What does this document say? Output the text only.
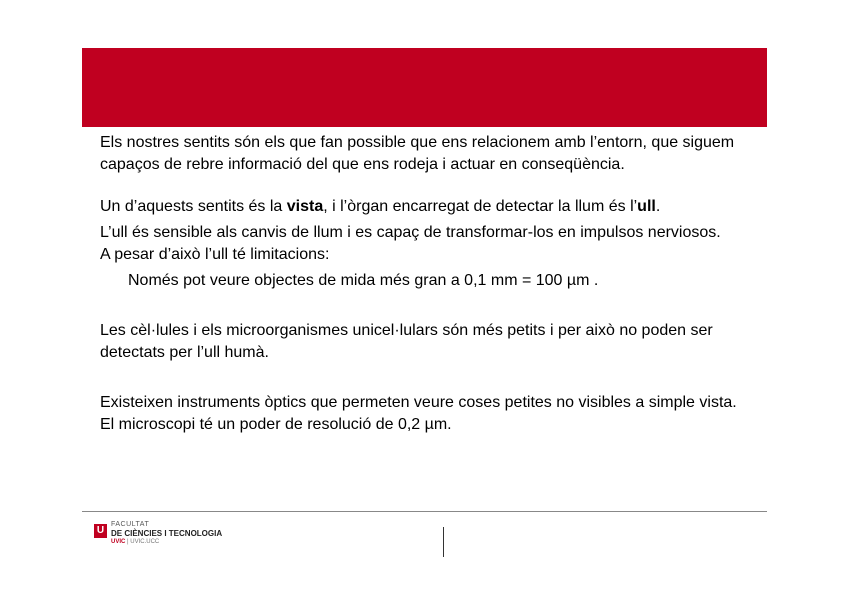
Els nostres sentits són els que fan possible que ens relacionem amb l’entorn, que siguem capaços de rebre informació del que ens rodeja i actuar en conseqüència.

Un d’aquests sentits és la vista, i l’òrgan encarregat de detectar la llum és l’ull.

L’ull és sensible als canvis de llum i es capaç de transformar-los en impulsos nerviosos.

A pesar d’això l’ull té limitacions:

Només pot veure objectes de mida més gran a 0,1 mm = 100 µm .

Les cèl·lules i els microorganismes unicel·lulars són més petits i per això no poden ser detectats per l’ull humà.

Existeixen instruments òptics que permeten veure coses petites no visibles a simple vista. El microscopi té un poder de resolució de 0,2 µm.

U
FACULTAT
DE CIÈNCIES I TECNOLOGIA
UVIC | UVIC.UCC
